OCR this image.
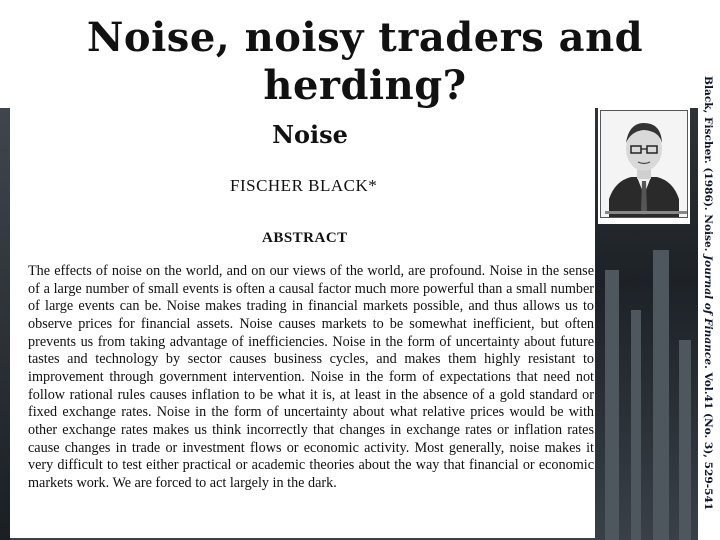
Noise, noisy traders and herding?
Noise
FISCHER BLACK*
ABSTRACT

The effects of noise on the world, and on our views of the world, are profound. Noise in the sense of a large number of small events is often a causal factor much more powerful than a small number of large events can be. Noise makes trading in financial markets possible, and thus allows us to observe prices for financial assets. Noise causes markets to be somewhat inefficient, but often prevents us from taking advantage of inefficiencies. Noise in the form of uncertainty about future tastes and technology by sector causes business cycles, and makes them highly resistant to improvement through government intervention. Noise in the form of expectations that need not follow rational rules causes inflation to be what it is, at least in the absence of a gold standard or fixed exchange rates. Noise in the form of uncertainty about what relative prices would be with other exchange rates makes us think incorrectly that changes in exchange rates or inflation rates cause changes in trade or investment flows or economic activity. Most generally, noise makes it very difficult to test either practical or academic theories about the way that financial or economic markets work. We are forced to act largely in the dark.

Black, Fischer. (1986). Noise. Journal of Finance. Vol.41 (No. 3), 529-541
